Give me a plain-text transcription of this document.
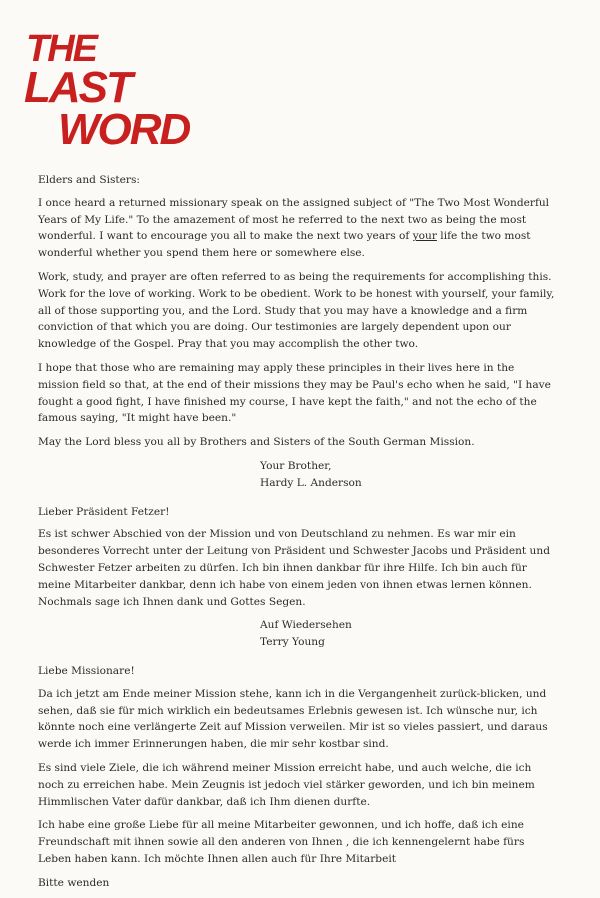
THE
LAST
WORD

Elders and Sisters:

I once heard a returned missionary speak on the assigned subject of "The Two Most Wonderful Years of My Life." To the amazement of most he referred to the next two as being the most wonderful. I want to encourage you all to make the next two years of your life the two most wonderful whether you spend them here or somewhere else.

Work, study, and prayer are often referred to as being the requirements for accomplishing this. Work for the love of working. Work to be obedient. Work to be honest with yourself, your family, all of those supporting you, and the Lord. Study that you may have a knowledge and a firm conviction of that which you are doing. Our testimonies are largely dependent upon our knowledge of the Gospel. Pray that you may accomplish the other two.

I hope that those who are remaining may apply these principles in their lives here in the mission field so that, at the end of their missions they may be Paul's echo when he said, "I have fought a good fight, I have finished my course, I have kept the faith," and not the echo of the famous saying, "It might have been."

May the Lord bless you all by Brothers and Sisters of the South German Mission.

Your Brother,
Hardy L. Anderson

Lieber Präsident Fetzer!

Es ist schwer Abschied von der Mission und von Deutschland zu nehmen. Es war mir ein besonderes Vorrecht unter der Leitung von Präsident und Schwester Jacobs und Präsident und Schwester Fetzer arbeiten zu dürfen. Ich bin ihnen dankbar für ihre Hilfe. Ich bin auch für meine Mitarbeiter dankbar, denn ich habe von einem jeden von ihnen etwas lernen können. Nochmals sage ich Ihnen dank und Gottes Segen.

Auf Wiedersehen
Terry Young

Liebe Missionare!

Da ich jetzt am Ende meiner Mission stehe, kann ich in die Vergangenheit zurück-blicken, und sehen, daß sie für mich wirklich ein bedeutsames Erlebnis gewesen ist. Ich wünsche nur, ich könnte noch eine verlängerte Zeit auf Mission verweilen. Mir ist so vieles passiert, und daraus werde ich immer Erinnerungen haben, die mir sehr kostbar sind.

Es sind viele Ziele, die ich während meiner Mission erreicht habe, und auch welche, die ich noch zu erreichen habe. Mein Zeugnis ist jedoch viel stärker geworden, und ich bin meinem Himmlischen Vater dafür dankbar, daß ich Ihm dienen durfte.

Ich habe eine große Liebe für all meine Mitarbeiter gewonnen, und ich hoffe, daß ich eine Freundschaft mit ihnen sowie all den anderen von Ihnen , die ich kennengelernt habe fürs Leben haben kann. Ich möchte Ihnen allen auch für Ihre Mitarbeit

Bitte wenden
